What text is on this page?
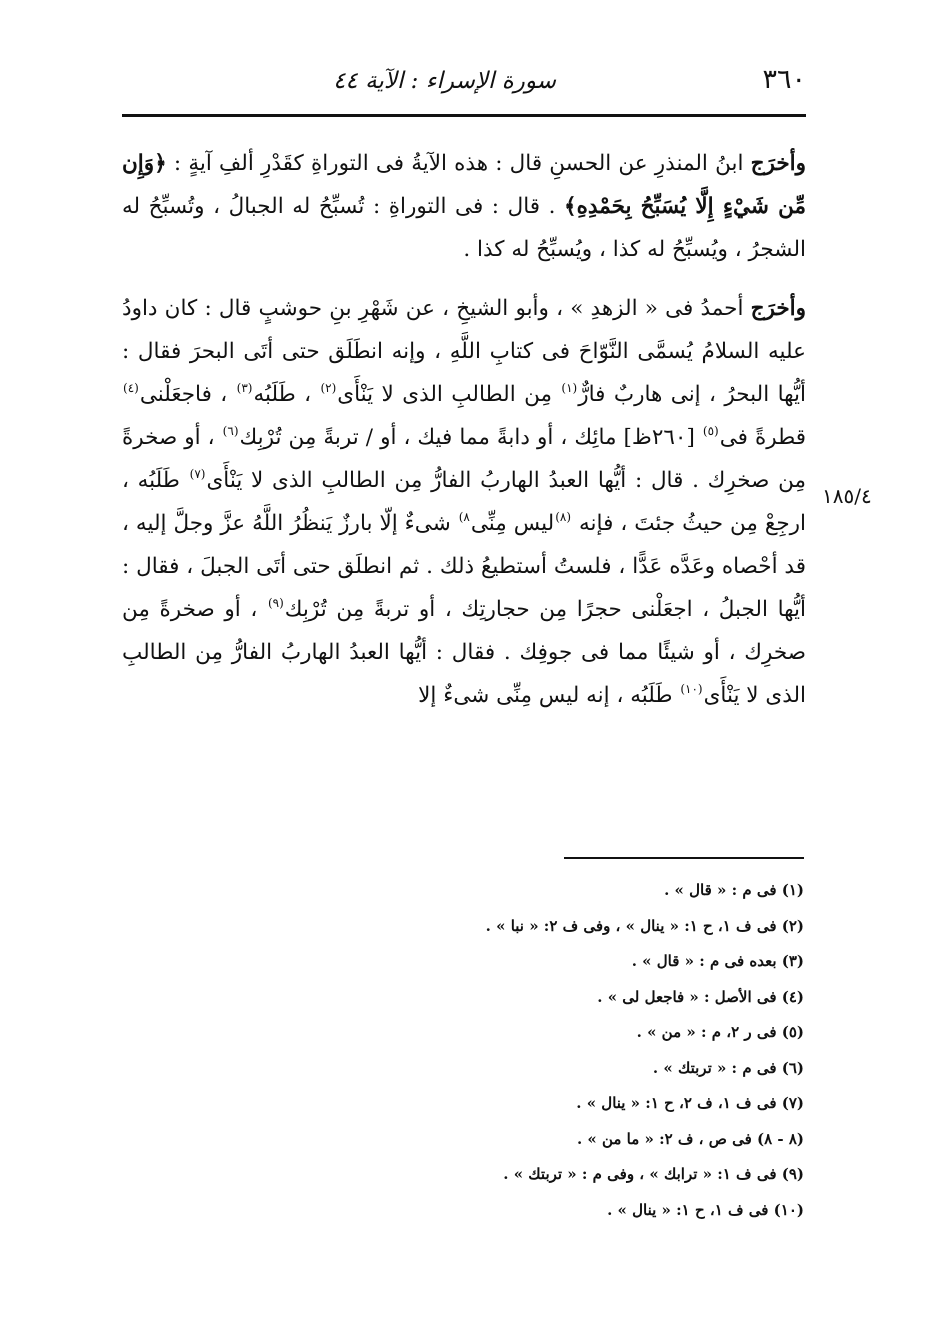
٣٦٠
سورة الإسراء : الآية ٤٤

وأخرَج ابنُ المنذرِ عن الحسنِ قال : هذه الآيةُ فى التوراةِ كقَدْرِ ألفِ آيةٍ : ﴿وَإِن مِّن شَيْءٍ إِلَّا يُسَبِّحُ بِحَمْدِهِ﴾ . قال : فى التوراةِ : تُسبِّحُ له الجبالُ ، وتُسبِّحُ له الشجرُ ، ويُسبِّحُ له كذا ، ويُسبِّحُ له كذا .

وأخرَج أحمدُ فى « الزهدِ » ، وأبو الشيخِ ، عن شَهْرِ بنِ حوشبٍ قال : كان داودُ عليه السلامُ يُسمَّى النَّوّاحَ فى كتابِ اللَّهِ ، وإنه انطَلَق حتى أتَى البحرَ فقال : أيُّها البحرُ ، إنى هاربٌ فارٌّ$^{(١)}$ مِن الطالبِ الذى لا يَنْأَى$^{(٢)}$ ، طَلَبُه$^{(٣)}$ ، فاجعَلْنى$^{(٤)}$ قطرةً فى$^{(٥)}$ [٢٦٠ظ] مائِك ، أو دابةً مما فيك ، أو / تربةً مِن تُرْبِك$^{(٦)}$ ، أو صخرةً مِن صخرِك . قال : أيُّها العبدُ الهاربُ الفارُّ مِن الطالبِ الذى لا يَنْأَى$^{(٧)}$ طَلَبُه ، ارجِعْ مِن حيثُ جئتَ ، فإنه $^{(٨)}$ليس مِنِّى$^{٨)}$ شىءٌ إلّا بارزٌ يَنظُرُ اللَّهُ عزَّ وجلَّ إليه ، قد أحْصاه وعَدَّه عَدًّا ، فلستُ أستطيعُ ذلك . ثم انطلَق حتى أتَى الجبلَ ، فقال : أيُّها الجبلُ ، اجعَلْنى حجرًا مِن حجارتِك ، أو تربةً مِن تُرْبِك$^{(٩)}$ ، أو صخرةً مِن صخرِك ، أو شيئًا مما فى جوفِك . فقال : أيُّها العبدُ الهاربُ الفارُّ مِن الطالبِ الذى لا يَنْأَى$^{(١٠)}$ طَلَبُه ، إنه ليس مِنِّى شىءٌ إلا

١٨٥/٤
(١) فى م : « قال » .
(٢) فى ف ١، ح ١: « ينال » ، وفى ف ٢: « نبا » .
(٣) بعده فى م : « قال » .
(٤) فى الأصل : « فاجعل لى » .
(٥) فى ر ٢، م : « من » .
(٦) فى م : « تربتك » .
(٧) فى ف ١، ف ٢، ح ١: « ينال » .
(٨ - ٨) فى ص ، ف ٢: « ما من » .
(٩) فى ف ١: « ترابك » ، وفى م : « تربتك » .
(١٠) فى ف ١، ح ١: « ينال » .
